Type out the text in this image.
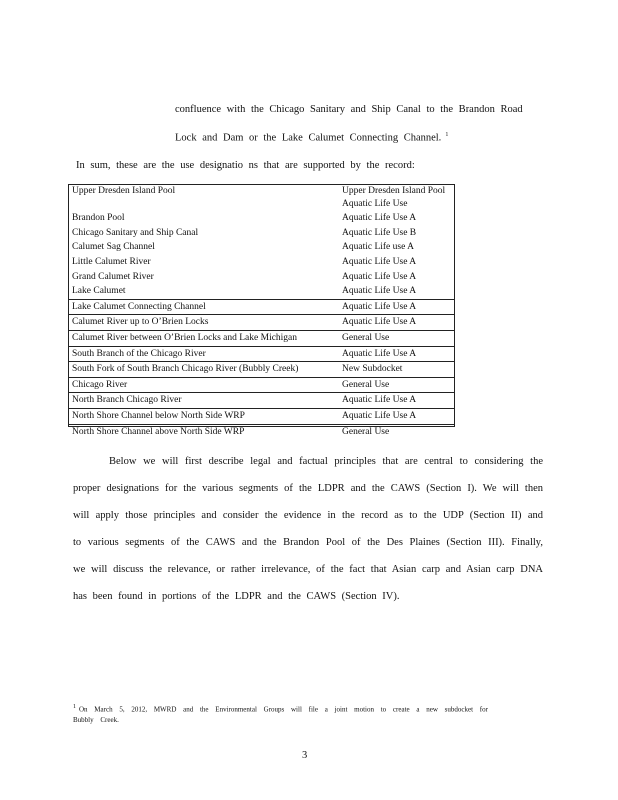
confluence with the Chicago Sanitary and Ship Canal to the Brandon Road
Lock and Dam or the Lake Calumet Connecting Channel. $^1$
In sum, these are the use designatio ns that are supported by the record:
Upper Dresden Island Pool	Upper Dresden Island Pool Aquatic Life Use
Brandon Pool	Aquatic Life Use A
Chicago Sanitary and Ship Canal	Aquatic Life Use B
Calumet Sag Channel	Aquatic Life use A
Little Calumet River	Aquatic Life Use A
Grand Calumet River	Aquatic Life Use A
Lake Calumet	Aquatic Life Use A
Lake Calumet Connecting Channel	Aquatic Life Use A
Calumet River up to O’Brien Locks	Aquatic Life Use A
Calumet River between O’Brien Locks and Lake Michigan	General Use
South Branch of the Chicago River	Aquatic Life Use A
South Fork of South Branch Chicago River (Bubbly Creek)	New Subdocket
Chicago River	General Use
North Branch Chicago River	Aquatic Life Use A
North Shore Channel below North Side WRP	Aquatic Life Use A
North Shore Channel above North Side WRP	General Use
Below we will first describe legal and factual principles that are central to considering the proper designations for the various segments of the LDPR and the CAWS (Section I). We will then will apply those principles and consider the evidence in the record as to the UDP (Section II) and to various segments of the CAWS and the Brandon Pool of the Des Plaines (Section III). Finally, we will discuss the relevance, or rather irrelevance, of the fact that Asian carp and Asian carp DNA has been found in portions of the LDPR and the CAWS (Section IV).
1 On March 5, 2012, MWRD and the Environmental Groups will file a joint motion to create a new subdocket for Bubbly Creek.
3
